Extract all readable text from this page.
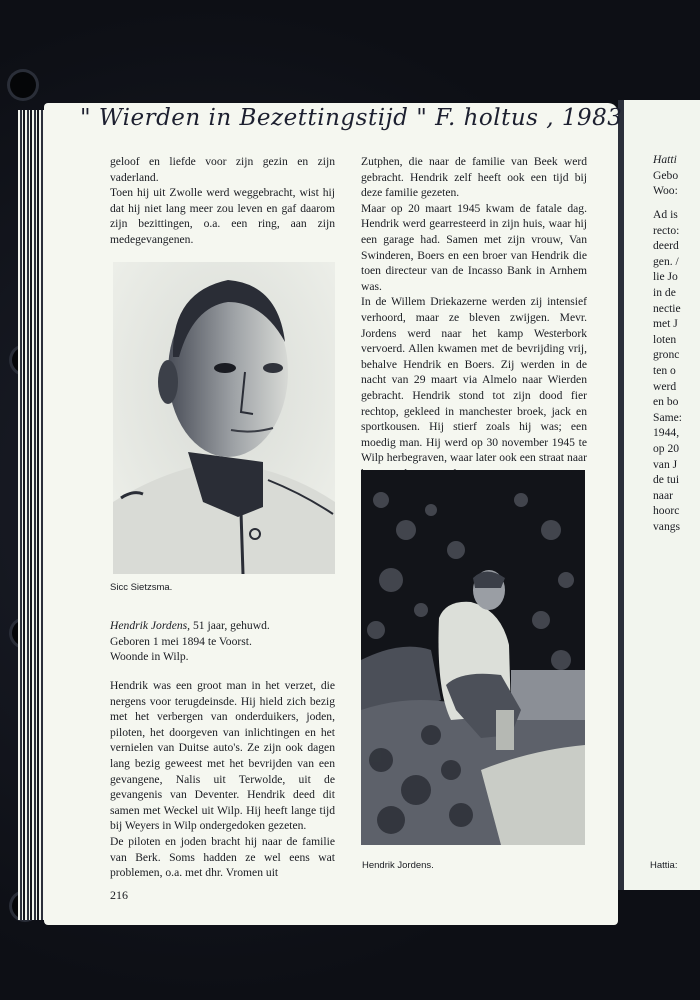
" Wierden in Bezettingstijd " F. holtus , 1983

geloof en liefde voor zijn gezin en zijn vaderland.

Toen hij uit Zwolle werd weggebracht, wist hij dat hij niet lang meer zou leven en gaf daarom zijn bezittingen, o.a. een ring, aan zijn medegevangenen.

Sicc Sietzsma.

Hendrik Jordens, 51 jaar, gehuwd.

Geboren 1 mei 1894 te Voorst.

Woonde in Wilp.

Hendrik was een groot man in het verzet, die nergens voor terugdeinsde. Hij hield zich bezig met het verbergen van onderduikers, joden, piloten, het doorgeven van inlichtingen en het vernielen van Duitse auto's. Ze zijn ook dagen lang bezig geweest met het bevrijden van een gevangene, Nalis uit Terwolde, uit de gevangenis van Deventer. Hendrik deed dit samen met Weckel uit Wilp. Hij heeft lange tijd bij Weyers in Wilp ondergedoken gezeten.

De piloten en joden bracht hij naar de familie van Berk. Soms hadden ze wel eens wat problemen, o.a. met dhr. Vromen uit

216

Zutphen, die naar de familie van Beek werd gebracht. Hendrik zelf heeft ook een tijd bij deze familie gezeten.

Maar op 20 maart 1945 kwam de fatale dag. Hendrik werd gearresteerd in zijn huis, waar hij een garage had. Samen met zijn vrouw, Van Swinderen, Boers en een broer van Hendrik die toen directeur van de Incasso Bank in Arnhem was.

In de Willem Driekazerne werden zij intensief verhoord, maar ze bleven zwijgen. Mevr. Jordens werd naar het kamp Westerbork vervoerd. Allen kwamen met de bevrijding vrij, behalve Hendrik en Boers. Zij werden in de nacht van 29 maart via Almelo naar Wierden gebracht. Hendrik stond tot zijn dood fier rechtop, gekleed in manchester broek, jack en sportkousen. Hij stierf zoals hij was; een moedig man. Hij werd op 30 november 1945 te Wilp herbegraven, waar later ook een straat naar

Hendrik Jordens.
Hatti
Gebo
Woo:
Ad is
recto:
deerd
gen. /
lie Jo
in de
nectie
met J
loten
gronc
ten o
werd
en bo
Same:
1944,
op 20
van J
de tui
naar
hoorc
vangs
Hattia:
